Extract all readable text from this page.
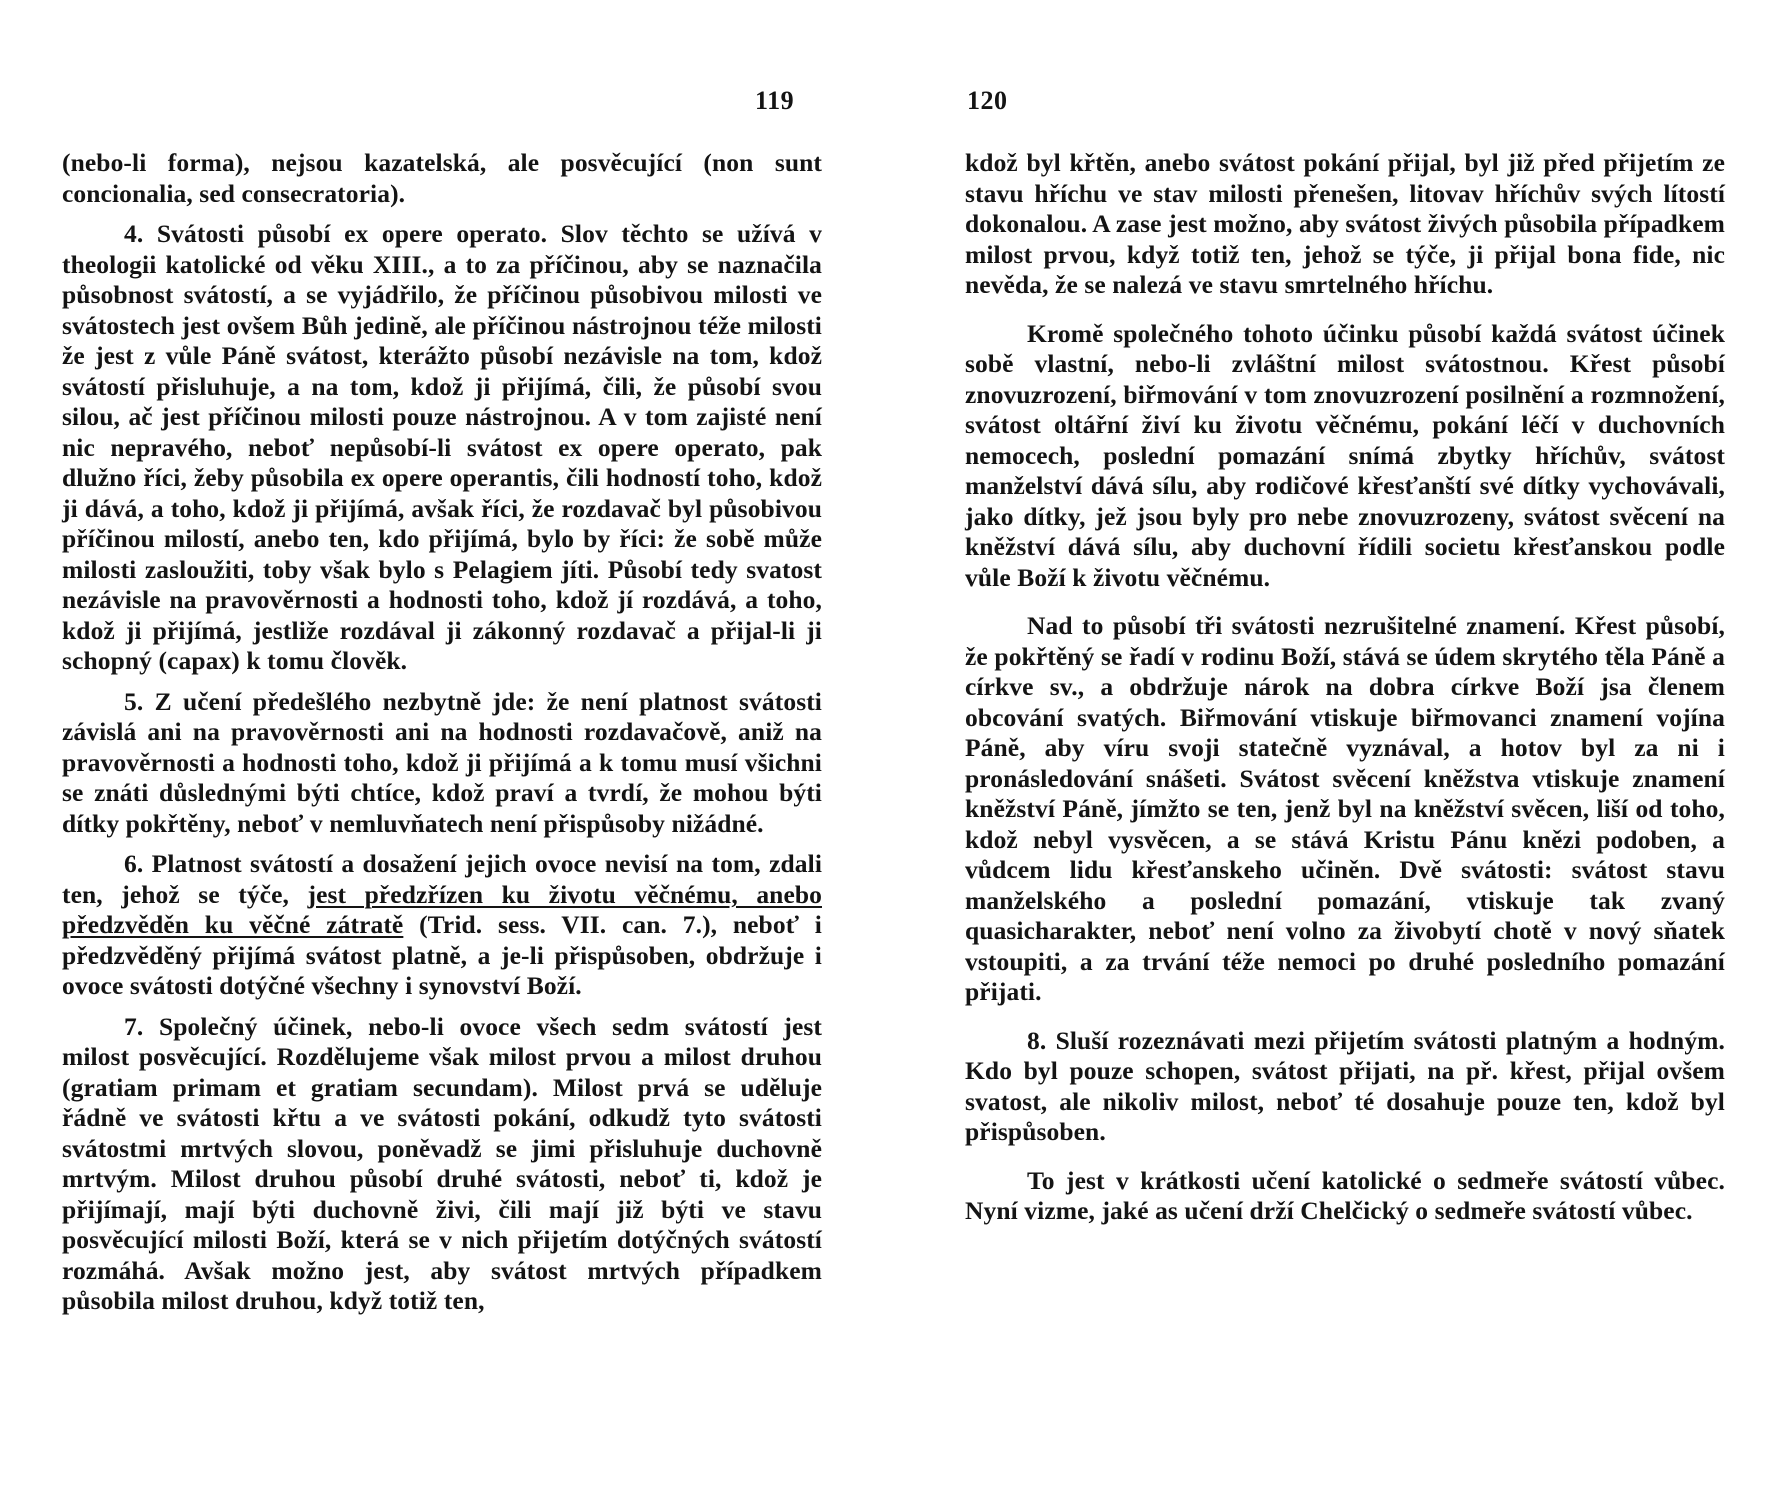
119

(nebo-li forma), nejsou kazatelská, ale posvěcující (non sunt concionalia, sed consecratoria).

4. Svátosti působí ex opere operato. Slov těchto se užívá v theologii katolické od věku XIII., a to za příčinou, aby se naznačila působnost svátostí, a se vyjádřilo, že příčinou působivou milosti ve svátostech jest ovšem Bůh jedině, ale příčinou nástrojnou téže milosti že jest z vůle Páně svátost, kterážto působí nezávisle na tom, kdož svátostí přisluhuje, a na tom, kdož ji přijímá, čili, že působí svou silou, ač jest příčinou milosti pouze nástrojnou. A v tom zajisté není nic nepravého, neboť nepůsobí-li svátost ex opere operato, pak dlužno říci, žeby působila ex opere operantis, čili hodností toho, kdož ji dává, a toho, kdož ji přijímá, avšak říci, že rozdavač byl působivou příčinou milostí, anebo ten, kdo přijímá, bylo by říci: že sobě může milosti zasloužiti, toby však bylo s Pelagiem jíti. Působí tedy svatost nezávisle na pravověrnosti a hodnosti toho, kdož jí rozdává, a toho, kdož ji přijímá, jestliže rozdával ji zákonný rozdavač a přijal-li ji schopný (capax) k tomu člověk.

5. Z učení předešlého nezbytně jde: že není platnost svátosti závislá ani na pravověrnosti ani na hodnosti rozdavačově, aniž na pravověrnosti a hodnosti toho, kdož ji přijímá a k tomu musí všichni se znáti důslednými býti chtíce, kdož praví a tvrdí, že mohou býti dítky pokřtěny, neboť v nemluvňatech není přispůsoby nižádné.

6. Platnost svátostí a dosažení jejich ovoce nevisí na tom, zdali ten, jehož se týče, jest předzřízen ku životu věčnému, anebo předzvěděn ku věčné zátratě (Trid. sess. VII. can. 7.), neboť i předzvěděný přijímá svátost platně, a je-li přispůsoben, obdržuje i ovoce svátosti dotýčné všechny i synovství Boží.

7. Společný účinek, nebo-li ovoce všech sedm svátostí jest milost posvěcující. Rozdělujeme však milost prvou a milost druhou (gratiam primam et gratiam secundam). Milost prvá se uděluje řádně ve svátosti křtu a ve svátosti pokání, odkudž tyto svátosti svátostmi mrtvých slovou, poněvadž se jimi přisluhuje duchovně mrtvým. Milost druhou působí druhé svátosti, neboť ti, kdož je přijímají, mají býti duchovně živi, čili mají již býti ve stavu posvěcující milosti Boží, která se v nich přijetím dotýčných svátostí rozmáhá. Avšak možno jest, aby svátost mrtvých případkem působila milost druhou, když totiž ten,

120

kdož byl křtěn, anebo svátost pokání přijal, byl již před přijetím ze stavu hříchu ve stav milosti přenešen, litovav hříchův svých lítostí dokonalou. A zase jest možno, aby svátost živých působila případkem milost prvou, když totiž ten, jehož se týče, ji přijal bona fide, nic nevěda, že se nalezá ve stavu smrtelného hříchu.

Kromě společného tohoto účinku působí každá svátost účinek sobě vlastní, nebo-li zvláštní milost svátostnou. Křest působí znovuzrození, biřmování v tom znovuzrození posilnění a rozmnožení, svátost oltářní živí ku životu věčnému, pokání léčí v duchovních nemocech, poslední pomazání snímá zbytky hříchův, svátost manželství dává sílu, aby rodičové křesťanští své dítky vychovávali, jako dítky, jež jsou byly pro nebe znovuzrozeny, svátost svěcení na kněžství dává sílu, aby duchovní řídili societu křesťanskou podle vůle Boží k životu věčnému.

Nad to působí tři svátosti nezrušitelné znamení. Křest působí, že pokřtěný se řadí v rodinu Boží, stává se údem skrytého těla Páně a církve sv., a obdržuje nárok na dobra církve Boží jsa členem obcování svatých. Biřmování vtiskuje biřmovanci znamení vojína Páně, aby víru svoji statečně vyznával, a hotov byl za ni i pronásledování snášeti. Svátost svěcení kněžstva vtiskuje znamení kněžství Páně, jímžto se ten, jenž byl na kněžství svěcen, liší od toho, kdož nebyl vysvěcen, a se stává Kristu Pánu knězi podoben, a vůdcem lidu křesťanskeho učiněn. Dvě svátosti: svátost stavu manželského a poslední pomazání, vtiskuje tak zvaný quasicharakter, neboť není volno za živobytí chotě v nový sňatek vstoupiti, a za trvání téže nemoci po druhé posledního pomazání přijati.

8. Sluší rozeznávati mezi přijetím svátosti platným a hodným. Kdo byl pouze schopen, svátost přijati, na př. křest, přijal ovšem svatost, ale nikoliv milost, neboť té dosahuje pouze ten, kdož byl přispůsoben.

To jest v krátkosti učení katolické o sedmeře svátostí vůbec. Nyní vizme, jaké as učení drží Chelčický o sedmeře svátostí vůbec.
